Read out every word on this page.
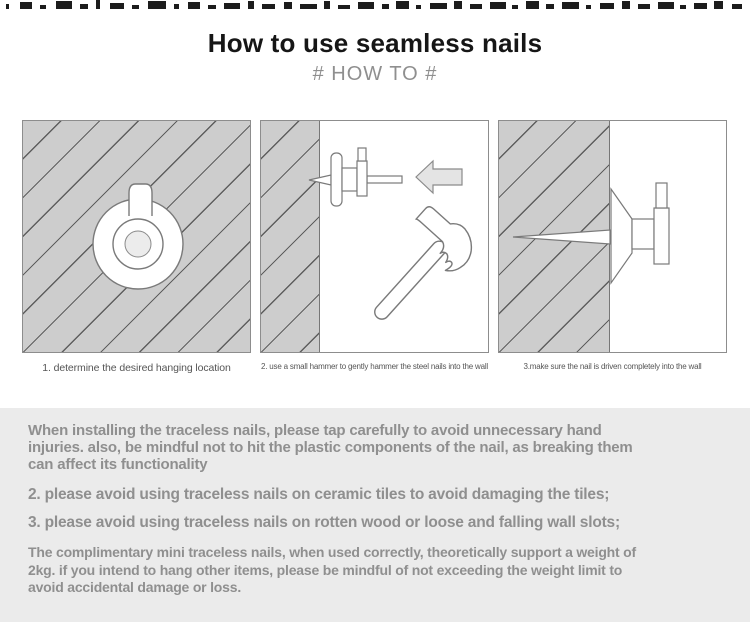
How to use seamless nails
# HOW TO #
1. determine the desired hanging location	2. use a small hammer to gently hammer the steel nails into the wall	3.make sure the nail is driven completely into the wall
When installing the traceless nails, please tap carefully to avoid unnecessary hand
injuries. also, be mindful not to hit the plastic components of the nail, as breaking them
can affect its functionality
2. please avoid using traceless nails on ceramic tiles to avoid damaging the tiles;
3. please avoid using traceless nails on rotten wood or loose and falling wall slots;
The complimentary mini traceless nails, when used correctly, theoretically support a weight of
2kg. if you intend to hang other items, please be mindful of not exceeding the weight limit to
avoid accidental damage or loss.
